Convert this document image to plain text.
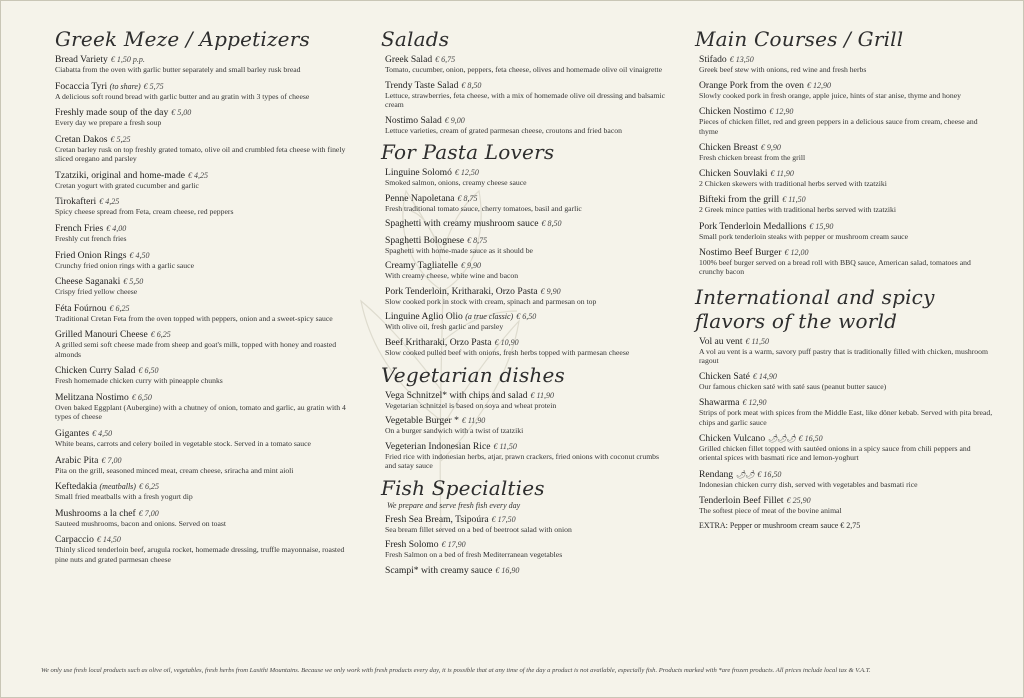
Greek Meze / Appetizers
Bread Variety € 1,50 p.p.
Ciabatta from the oven with garlic butter separately and small barley rusk bread
Focaccia Tyri (to share) € 5,75
A delicious soft round bread with garlic butter and au gratin with 3 types of cheese
Freshly made soup of the day € 5,00
Every day we prepare a fresh soup
Cretan Dakos € 5,25
Cretan barley rusk on top freshly grated tomato, olive oil and crumbled feta cheese with finely sliced oregano and parsley
Tzatziki, original and home-made € 4,25
Cretan yogurt with grated cucumber and garlic
Tirokafteri € 4,25
Spicy cheese spread from Feta, cream cheese, red peppers
French Fries € 4,00
Freshly cut french fries
Fried Onion Rings € 4,50
Crunchy fried onion rings with a garlic sauce
Cheese Saganaki € 5,50
Crispy fried yellow cheese
Féta Foúrnou € 6,25
Traditional Cretan Feta from the oven topped with peppers, onion and a sweet-spicy sauce
Grilled Manouri Cheese € 6,25
A grilled semi soft cheese made from sheep and goat's milk, topped with honey and roasted almonds
Chicken Curry Salad € 6,50
Fresh homemade chicken curry with pineapple chunks
Melitzana Nostimo € 6,50
Oven baked Eggplant (Aubergine) with a chutney of onion, tomato and garlic, au gratin with 4 types of cheese
Gigantes € 4,50
White beans, carrots and celery boiled in vegetable stock. Served in a tomato sauce
Arabic Pita € 7,00
Pita on the grill, seasoned minced meat, cream cheese, sriracha and mint aioli
Keftedakia (meatballs) € 6,25
Small fried meatballs with a fresh yogurt dip
Mushrooms a la chef € 7,00
Sauteed mushrooms, bacon and onions. Served on toast
Carpaccio € 14,50
Thinly sliced tenderloin beef, arugula rocket, homemade dressing, truffle mayonnaise, roasted pine nuts and grated parmesan cheese
Salads
Greek Salad € 6,75
Tomato, cucumber, onion, peppers, feta cheese, olives and homemade olive oil vinaigrette
Trendy Taste Salad € 8,50
Lettuce, strawberries, feta cheese, with a mix of homemade olive oil dressing and balsamic cream
Nostimo Salad € 9,00
Lettuce varieties, cream of grated parmesan cheese, croutons and fried bacon
For Pasta Lovers
Linguine Solomó € 12,50
Smoked salmon, onions, creamy cheese sauce
Penne Napoletana € 8,75
Fresh traditional tomato sauce, cherry tomatoes, basil and garlic
Spaghetti with creamy mushroom sauce € 8,50
Spaghetti Bolognese € 8,75
Spaghetti with home-made sauce as it should be
Creamy Tagliatelle € 9,90
With creamy cheese, white wine and bacon
Pork Tenderloin, Kritharaki, Orzo Pasta € 9,90
Slow cooked pork in stock with cream, spinach and parmesan on top
Linguine Aglio Olio (a true classic) € 6,50
With olive oil, fresh garlic and parsley
Beef Kritharaki, Orzo Pasta € 10,90
Slow cooked pulled beef with onions, fresh herbs topped with parmesan cheese
Vegetarian dishes
Vega Schnitzel* with chips and salad € 11,90
Vegetarian schnitzel is based on soya and wheat protein
Vegetable Burger * € 11,90
On a burger sandwich with a twist of tzatziki
Vegeterian Indonesian Rice € 11,50
Fried rice with indonesian herbs, atjar, prawn crackers, fried onions with coconut crumbs and satay sauce
Fish Specialties
We prepare and serve fresh fish every day
Fresh Sea Bream, Tsipoúra € 17,50
Sea bream fillet served on a bed of beetroot salad with onion
Fresh Solomo € 17,90
Fresh Salmon on a bed of fresh Mediterranean vegetables
Scampi* with creamy sauce € 16,90
Main Courses / Grill
Stifado € 13,50
Greek beef stew with onions, red wine and fresh herbs
Orange Pork from the oven € 12,90
Slowly cooked pork in fresh orange, apple juice, hints of star anise, thyme and honey
Chicken Nostimo € 12,90
Pieces of chicken fillet, red and green peppers in a delicious sauce from cream, cheese and thyme
Chicken Breast € 9,90
Fresh chicken breast from the grill
Chicken Souvlaki € 11,90
2 Chicken skewers with traditional herbs served with tzatziki
Bifteki from the grill € 11,50
2 Greek mince patties with traditional herbs served with tzatziki
Pork Tenderloin Medallions € 15,90
Small pork tenderloin steaks with pepper or mushroom cream sauce
Nostimo Beef Burger € 12,00
100% beef burger served on a bread roll with BBQ sauce, American salad, tomatoes and crunchy bacon
International and spicy flavors of the world
Vol au vent € 11,50
A vol au vent is a warm, savory puff pastry that is traditionally filled with chicken, mushroom ragout
Chicken Saté € 14,90
Our famous chicken saté with saté saus (peanut butter sauce)
Shawarma € 12,90
Strips of pork meat with spices from the Middle East, like döner kebab. Served with pita bread, chips and garlic sauce
Chicken Vulcano 🌶🌶🌶 € 16,50
Grilled chicken fillet topped with sautéed onions in a spicy sauce from chili peppers and oriental spices with basmati rice and lemon-yoghurt
Rendang 🌶🌶 € 16,50
Indonesian chicken curry dish, served with vegetables and basmati rice
Tenderloin Beef Fillet € 25,90
The softest piece of meat of the bovine animal
EXTRA: Pepper or mushroom cream sauce € 2,75
We only use fresh local products such as olive oil, vegetables, fresh herbs from Lasithi Mountains. Because we only work with fresh products every day, it is possible that at any time of the day a product is not available, especially fish. Products marked with *are frozen products. All prices include local tax & V.A.T.
